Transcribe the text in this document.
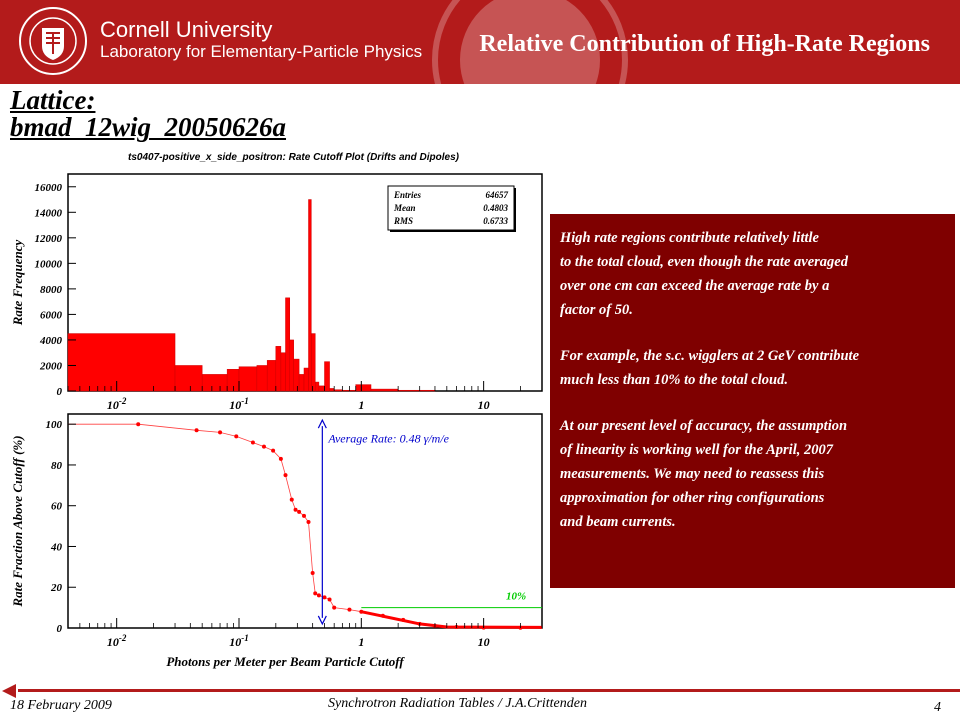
Cornell University
Laboratory for Elementary-Particle Physics Relative Contribution of High-Rate Regions
Lattice:
bmad_12wig_20050626a
ts0407-positive_x_side_positron: Rate Cutoff Plot (Drifts and Dipoles)
0
2000
4000
6000
8000
10000
12000
14000
16000
$10^{-2}$	$10^{-1}$	1	10
Rate Frequency
Entries	64657
Mean	0.4803
RMS	0.6733
10%
0
20
40
60
80
100
$10^{-2}$	$10^{-1}$	1	10
Photons per Meter per Beam Particle Cutoff
Rate Fraction Above Cutoff (%)	Average Rate: 0.48 γ/m/e

High rate regions contribute relatively little

to the total cloud, even though the rate averaged

over one cm can exceed the average rate by a

factor of 50.

For example, the s.c. wigglers at 2 GeV contribute

much less than 10% to the total cloud.

At our present level of accuracy, the assumption

of linearity is working well for the April, 2007

measurements. We may need to reassess this

approximation for other ring configurations

and beam currents.

18 February 2009	Synchrotron Radiation Tables / J.A.Crittenden	4
